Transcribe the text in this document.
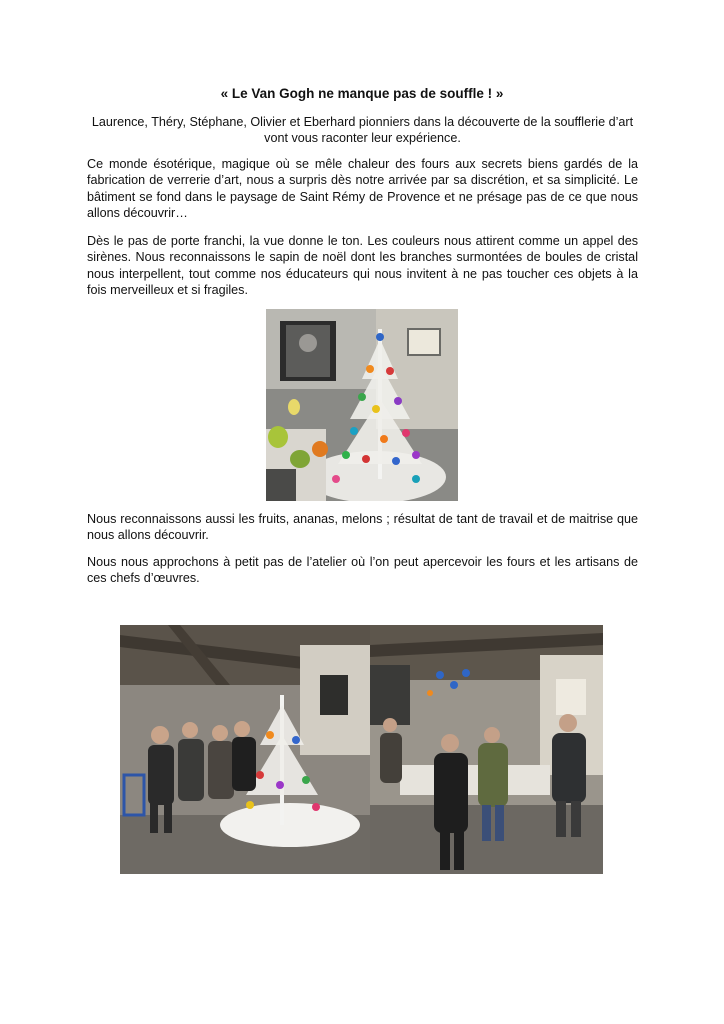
« Le Van Gogh ne manque pas de souffle ! »
Laurence, Théry, Stéphane, Olivier et Eberhard pionniers dans la découverte de la soufflerie d’art vont vous raconter leur expérience.
Ce monde ésotérique, magique où se mêle chaleur des fours aux secrets biens gardés de la fabrication de verrerie d’art, nous a surpris dès notre arrivée par sa discrétion, et sa simplicité. Le bâtiment se fond dans le paysage de Saint Rémy de Provence et ne présage pas de ce que nous allons découvrir…
Dès le pas de porte franchi, la vue donne le ton. Les couleurs nous attirent comme un appel des sirènes. Nous reconnaissons le sapin de noël dont les branches surmontées de boules de cristal nous interpellent, tout comme nos éducateurs qui nous invitent à ne pas toucher ces objets à la fois merveilleux et si fragiles.
Nous reconnaissons aussi les fruits, ananas, melons ; résultat de tant de travail et de maitrise que nous allons découvrir.
Nous nous approchons à petit pas de l’atelier où l’on peut apercevoir les fours et les artisans de ces chefs d’œuvres.
